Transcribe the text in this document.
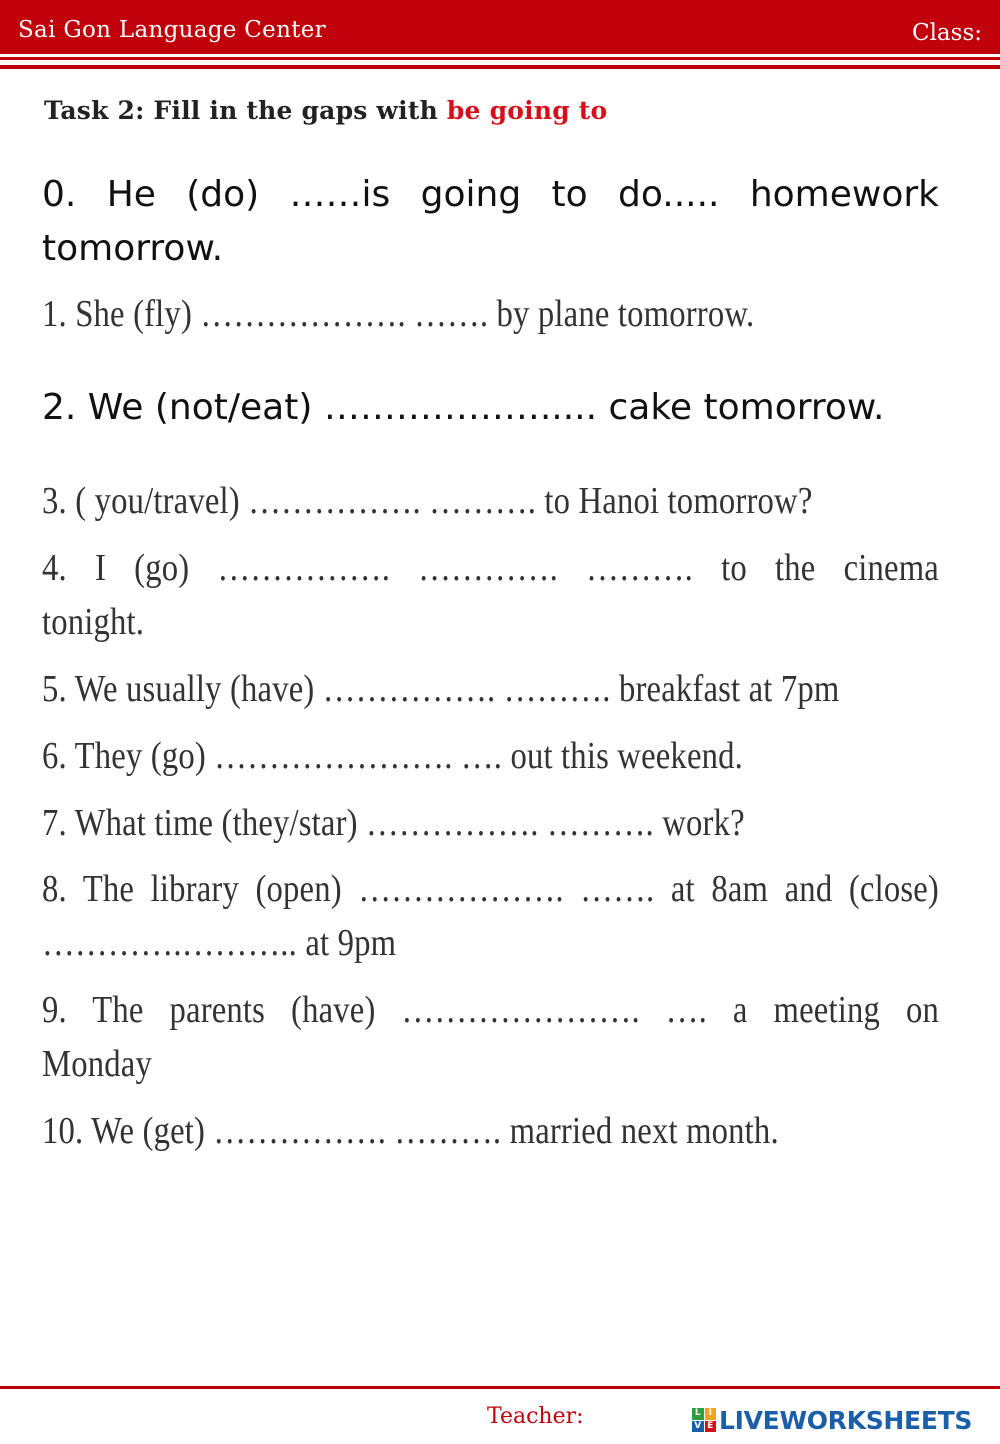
Sai Gon Language Center	Class:
Task 2: Fill in the gaps with be going to
0. He (do) ……is going to do..... homework tomorrow.
1. She (fly) ………………. ……. by plane tomorrow.
2. We (not/eat) ………………..... cake tomorrow.
3. ( you/travel) ……………. ………. to Hanoi tomorrow?
4. I (go) ……………. …………. ………. to the cinema tonight.
5. We usually (have) ……………. ………. breakfast at 7pm
6. They (go) …………………. …. out this weekend.
7. What time (they/star) ……………. ………. work?
8. The library (open) ………………. ……. at 8am and (close) ………….……….. at 9pm
9. The parents (have) …………………. …. a meeting on Monday
10. We (get) ……………. ………. married next month.
Teacher:	L I
V E LIVEWORKSHEETS
